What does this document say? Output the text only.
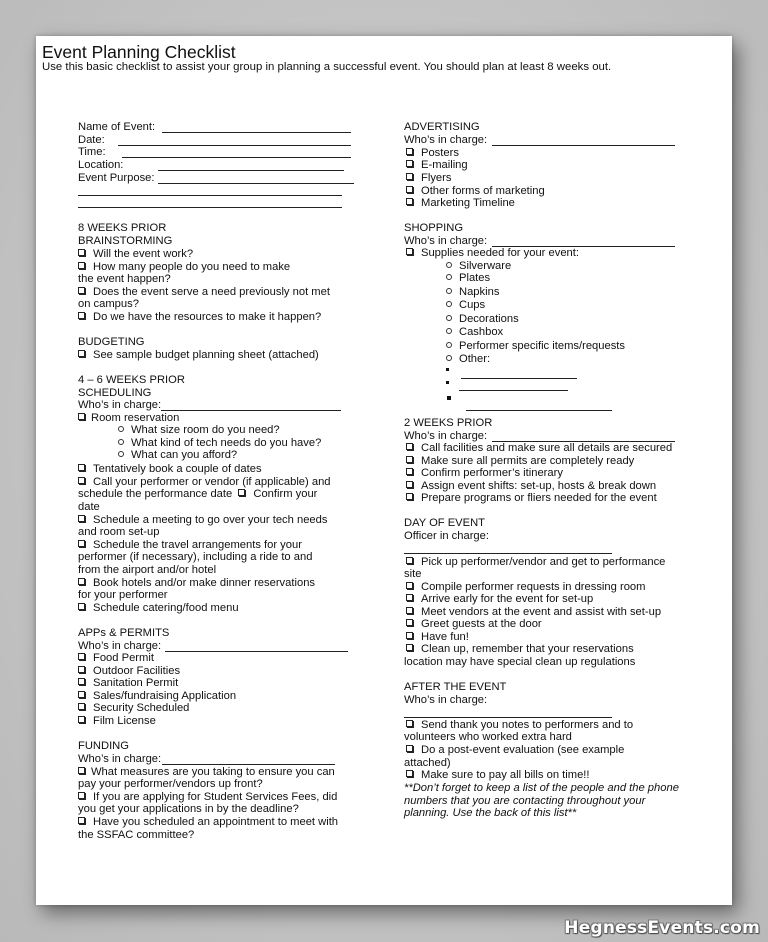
Event Planning Checklist
Use this basic checklist to assist your group in planning a successful event. You should plan at least 8 weeks out.
Name of Event:
Date:
Time:
Location:
Event Purpose:
8 WEEKS PRIOR
BRAINSTORMING
Will the event work?
How many people do you need to make
the event happen?
Does the event serve a need previously not met
on campus?
Do we have the resources to make it happen?
BUDGETING
See sample budget planning sheet (attached)
4 – 6 WEEKS PRIOR
SCHEDULING
Who’s in charge:
Room reservation
What size room do you need?
What kind of tech needs do you have?
What can you afford?
Tentatively book a couple of dates
Call your performer or vendor (if applicable) and
schedule the performance date Confirm your
date
Schedule a meeting to go over your tech needs
and room set-up
Schedule the travel arrangements for your
performer (if necessary), including a ride to and
from the airport and/or hotel
Book hotels and/or make dinner reservations
for your performer
Schedule catering/food menu
APPs & PERMITS
Who’s in charge:
Food Permit
Outdoor Facilities
Sanitation Permit
Sales/fundraising Application
Security Scheduled
Film License
FUNDING
Who’s in charge:
What measures are you taking to ensure you can
pay your performer/vendors up front?
If you are applying for Student Services Fees, did
you get your applications in by the deadline?
Have you scheduled an appointment to meet with
the SSFAC committee?
ADVERTISING
Who’s in charge:
Posters
E-mailing
Flyers
Other forms of marketing
Marketing Timeline
SHOPPING
Who’s in charge:
Supplies needed for your event:
Silverware
Plates
Napkins
Cups
Decorations
Cashbox
Performer specific items/requests
Other:
2 WEEKS PRIOR
Who’s in charge:
Call facilities and make sure all details are secured
Make sure all permits are completely ready
Confirm performer’s itinerary
Assign event shifts: set-up, hosts & break down
Prepare programs or fliers needed for the event
DAY OF EVENT
Officer in charge:
Pick up performer/vendor and get to performance
site
Compile performer requests in dressing room
Arrive early for the event for set-up
Meet vendors at the event and assist with set-up
Greet guests at the door
Have fun!
Clean up, remember that your reservations
location may have special clean up regulations
AFTER THE EVENT
Who’s in charge:
Send thank you notes to performers and to
volunteers who worked extra hard
Do a post-event evaluation (see example
attached)
Make sure to pay all bills on time!!
**Don’t forget to keep a list of the people and the phone
numbers that you are contacting throughout your
planning. Use the back of this list**
HegnessEvents.com
